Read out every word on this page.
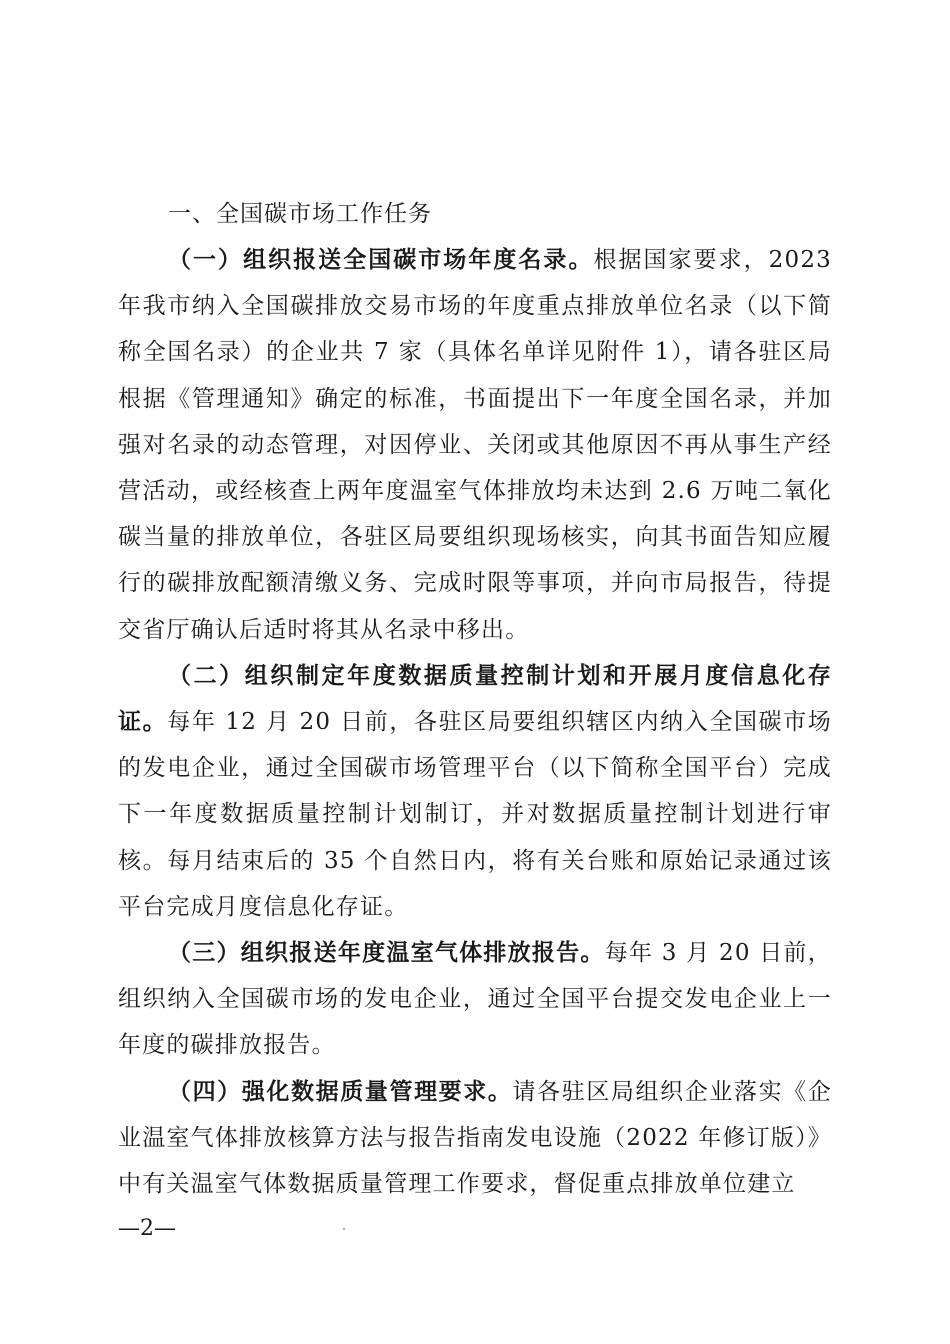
一、全国碳市场工作任务

（一）组织报送全国碳市场年度名录。根据国家要求，2023年我市纳入全国碳排放交易市场的年度重点排放单位名录（以下简称全国名录）的企业共 7 家（具体名单详见附件 1），请各驻区局根据《管理通知》确定的标准，书面提出下一年度全国名录，并加强对名录的动态管理，对因停业、关闭或其他原因不再从事生产经营活动，或经核查上两年度温室气体排放均未达到 2.6 万吨二氧化碳当量的排放单位，各驻区局要组织现场核实，向其书面告知应履行的碳排放配额清缴义务、完成时限等事项，并向市局报告，待提交省厅确认后适时将其从名录中移出。

（二）组织制定年度数据质量控制计划和开展月度信息化存证。每年 12 月 20 日前，各驻区局要组织辖区内纳入全国碳市场的发电企业，通过全国碳市场管理平台（以下简称全国平台）完成下一年度数据质量控制计划制订，并对数据质量控制计划进行审核。每月结束后的 35 个自然日内，将有关台账和原始记录通过该平台完成月度信息化存证。

（三）组织报送年度温室气体排放报告。每年 3 月 20 日前，组织纳入全国碳市场的发电企业，通过全国平台提交发电企业上一年度的碳排放报告。

（四）强化数据质量管理要求。请各驻区局组织企业落实《企业温室气体排放核算方法与报告指南发电设施（2022 年修订版）》中有关温室气体数据质量管理工作要求，督促重点排放单位建立

—2—
